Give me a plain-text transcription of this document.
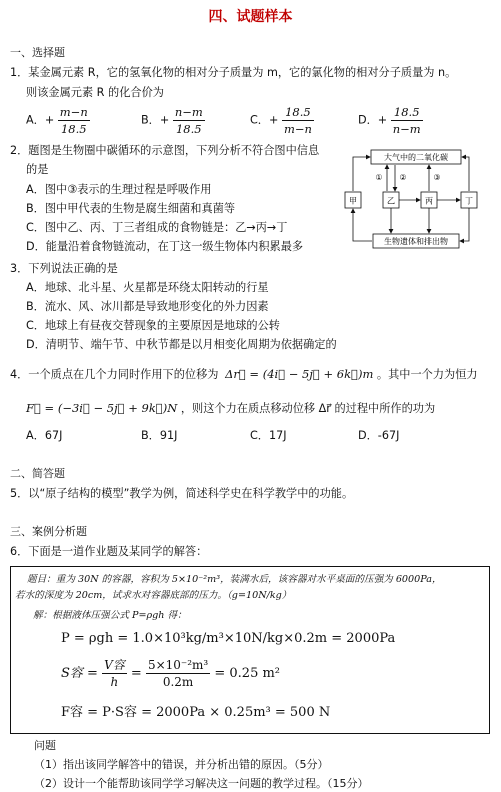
四、试题样本
一、选择题
1．某金属元素 R，它的氢氧化物的相对分子质量为 m，它的氯化物的相对分子质量为 n。
则该金属元素 R 的化合价为
A．+ $\frac{m-n}{18.5}$	B．+ $\frac{n-m}{18.5}$	C．+ $\frac{18.5}{m-n}$	D．+ $\frac{18.5}{n-m}$
2．题图是生物圈中碳循环的示意图，下列分析不符合图中信息
的是
A．图中③表示的生理过程是呼吸作用
B．图中甲代表的生物是腐生细菌和真菌等
C．图中乙、丙、丁三者组成的食物链是：乙→丙→丁
D．能量沿着食物链流动，在丁这一级生物体内积累最多
大气中的二氧化碳
生物遗体和排出物
甲	乙	丙	丁
① ②	③
3．下列说法正确的是
A．地球、北斗星、火星都是环绕太阳转动的行星
B．流水、风、冰川都是导致地形变化的外力因素
C．地球上有昼夜交替现象的主要原因是地球的公转
D．清明节、端午节、中秋节都是以月相变化周期为依据确定的
4．一个质点在几个力同时作用下的位移为 Δr⃗ = (4i⃗ − 5j⃗ + 6k⃗)m 。其中一个力为恒力
F⃗ = (−3i⃗ − 5j⃗ + 9k⃗)N ，则这个力在质点移动位移 Δr⃗ 的过程中所作的功为
A．67J	B．91J	C．17J	D．-67J
二、简答题
5．以“原子结构的模型”教学为例，简述科学史在科学教学中的功能。
三、案例分析题
6．下面是一道作业题及某同学的解答：
题目：重为 30N 的容器，容积为 5×10⁻²m³，装满水后，该容器对水平桌面的压强为 6000Pa，
若水的深度为 20cm，试求水对容器底部的压力。（g=10N/kg）
解：根据液体压强公式 P=ρgh 得：
P = ρgh = 1.0×10³kg/m³×10N/kg×0.2m = 2000Pa
S容 = $\frac{\text{V容}}{h} = \frac{\text{5×10⁻²m³}}{0.2m} = 0.25$ m²
F容 = P·S容 = 2000Pa × 0.25m³ = 500 N
问题
（1）指出该同学解答中的错误，并分析出错的原因。（5分）
（2）设计一个能帮助该同学学习解决这一问题的教学过程。（15分）
